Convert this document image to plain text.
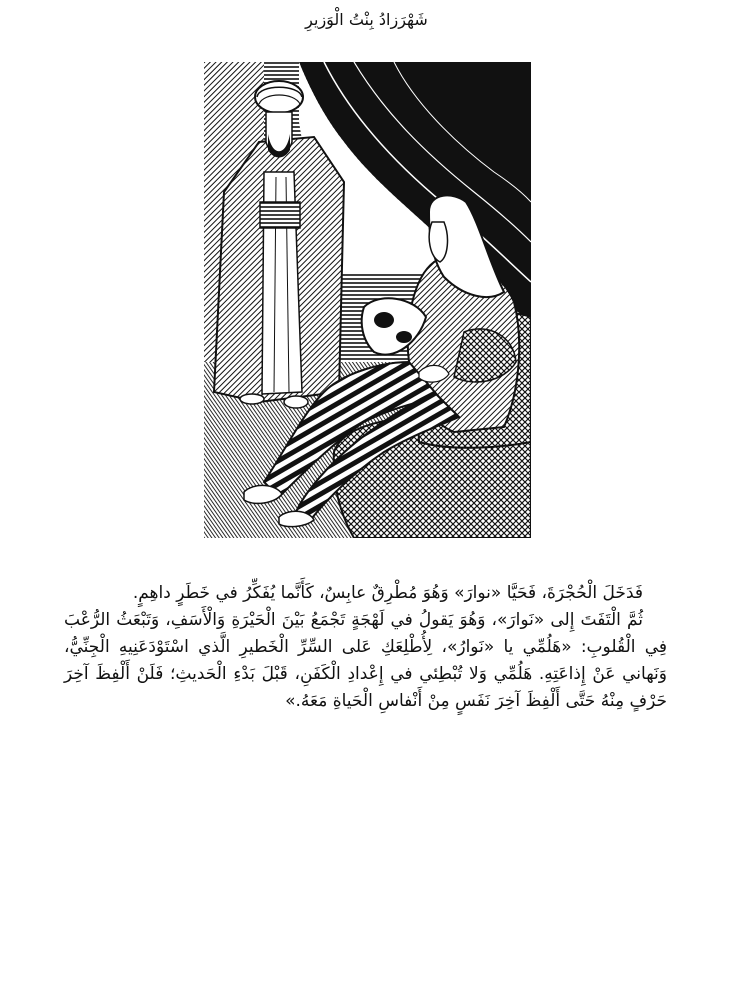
شَهْرَزادُ بِنْتُ الْوَزيرِ

فَدَخَلَ الْحُجْرَةَ، فَحَيَّا «نوارَ» وَهُوَ مُطْرِقٌ عابِسٌ، كَأَنَّما يُفَكِّرُ في خَطَرٍ داهِمٍ.

ثُمَّ الْتَفَتَ إِلى «نَوارَ»، وَهُوَ يَقولُ في لَهْجَةٍ تَجْمَعُ بَيْنَ الْحَيْرَةِ وَالْأَسَفِ، وَتَبْعَثُ الرُّعْبَ فِي الْقُلوبِ: «هَلُمِّي يا «نَوارُ»، لِأُطْلِعَكِ عَلى السِّرِّ الْخَطيرِ الَّذي اسْتَوْدَعَنِيهِ الْجِنِّيُّ، وَنَهاني عَنْ إِذاعَتِهِ. هَلُمِّي وَلا تُبْطِئي في إِعْدادِ الْكَفَنِ، قَبْلَ بَدْءِ الْحَديثِ؛ فَلَنْ أَلْفِظَ آخِرَ حَرْفٍ مِنْهُ حَتَّى أَلْفِظَ آخِرَ نَفَسٍ مِنْ أَنْفاسِ الْحَياةِ مَعَهُ.»
